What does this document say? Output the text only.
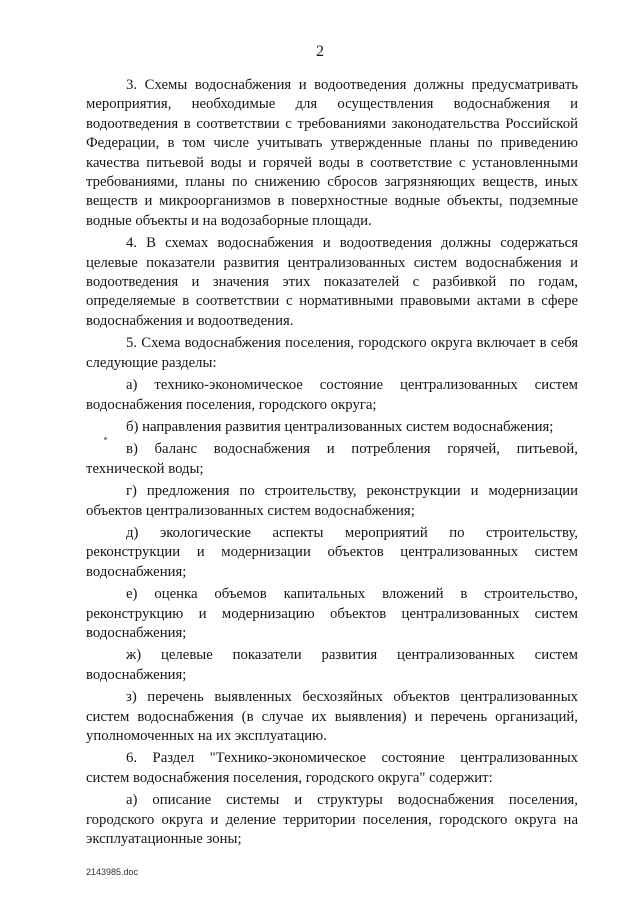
2

3. Схемы водоснабжения и водоотведения должны предусматривать мероприятия, необходимые для осуществления водоснабжения и водоотведения в соответствии с требованиями законодательства Российской Федерации, в том числе учитывать утвержденные планы по приведению качества питьевой воды и горячей воды в соответствие с установленными требованиями, планы по снижению сбросов загрязняющих веществ, иных веществ и микроорганизмов в поверхностные водные объекты, подземные водные объекты и на водозаборные площади.

4. В схемах водоснабжения и водоотведения должны содержаться целевые показатели развития централизованных систем водоснабжения и водоотведения и значения этих показателей с разбивкой по годам, определяемые в соответствии с нормативными правовыми актами в сфере водоснабжения и водоотведения.

5. Схема водоснабжения поселения, городского округа включает в себя следующие разделы:

а) технико-экономическое состояние централизованных систем водоснабжения поселения, городского округа;

б) направления развития централизованных систем водоснабжения;

в) баланс водоснабжения и потребления горячей, питьевой, технической воды;

г) предложения по строительству, реконструкции и модернизации объектов централизованных систем водоснабжения;

д) экологические аспекты мероприятий по строительству, реконструкции и модернизации объектов централизованных систем водоснабжения;

е) оценка объемов капитальных вложений в строительство, реконструкцию и модернизацию объектов централизованных систем водоснабжения;

ж) целевые показатели развития централизованных систем водоснабжения;

з) перечень выявленных бесхозяйных объектов централизованных систем водоснабжения (в случае их выявления) и перечень организаций, уполномоченных на их эксплуатацию.

6. Раздел "Технико-экономическое состояние централизованных систем водоснабжения поселения, городского округа" содержит:

а) описание системы и структуры водоснабжения поселения, городского округа и деление территории поселения, городского округа на эксплуатационные зоны;

2143985.doc
